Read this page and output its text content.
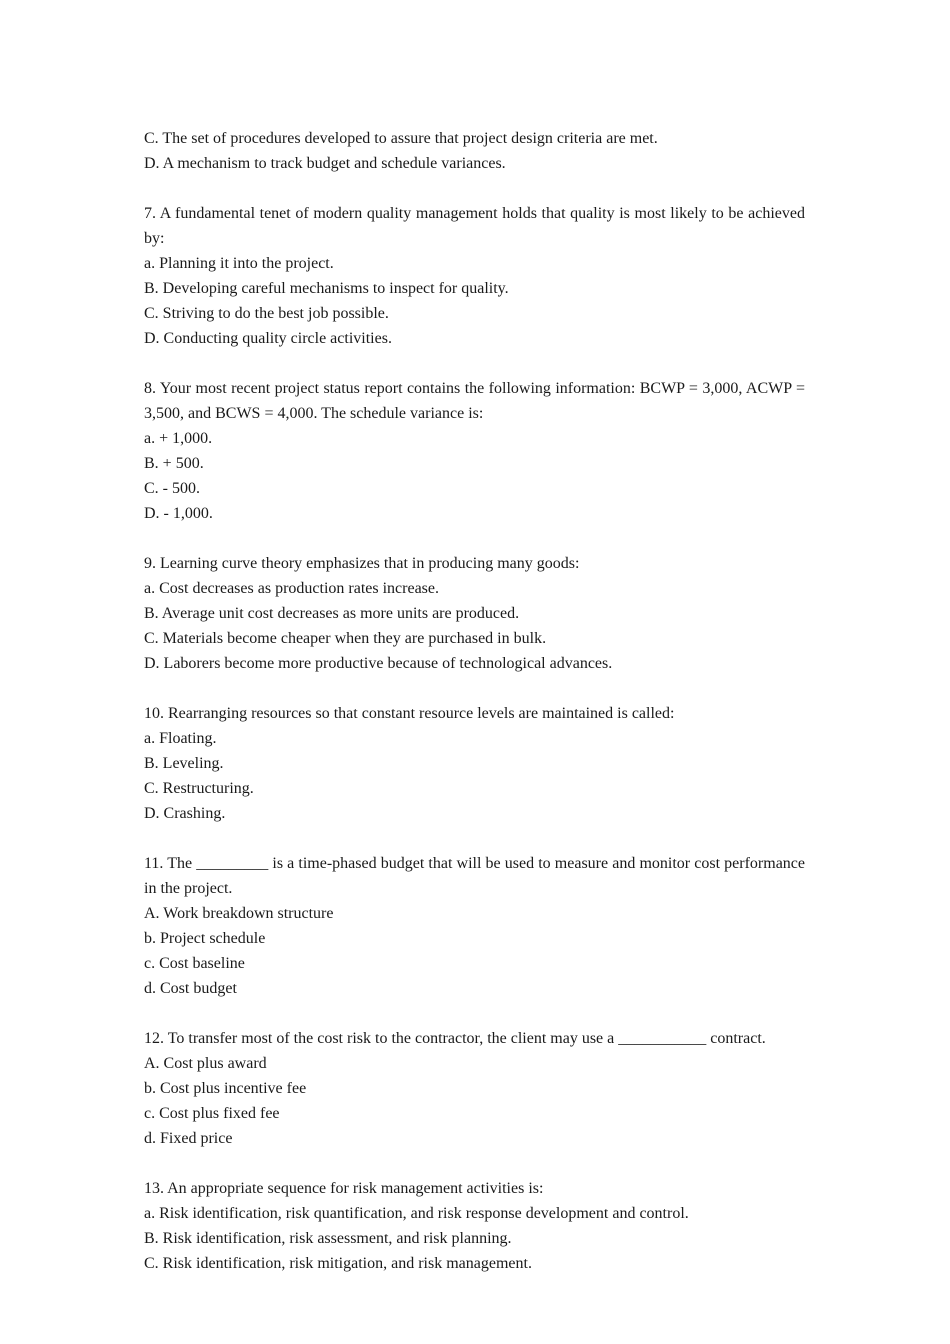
C. The set of procedures developed to assure that project design criteria are met.
D. A mechanism to track budget and schedule variances.
7. A fundamental tenet of modern quality management holds that quality is most likely to be achieved by:
a. Planning it into the project.
B. Developing careful mechanisms to inspect for quality.
C. Striving to do the best job possible.
D. Conducting quality circle activities.
8. Your most recent project status report contains the following information: BCWP = 3,000, ACWP = 3,500, and BCWS = 4,000. The schedule variance is:
a. + 1,000.
B. + 500.
C. - 500.
D. - 1,000.
9. Learning curve theory emphasizes that in producing many goods:
a. Cost decreases as production rates increase.
B. Average unit cost decreases as more units are produced.
C. Materials become cheaper when they are purchased in bulk.
D. Laborers become more productive because of technological advances.
10. Rearranging resources so that constant resource levels are maintained is called:
a. Floating.
B. Leveling.
C. Restructuring.
D. Crashing.
11. The _________ is a time-phased budget that will be used to measure and monitor cost performance in the project.
A. Work breakdown structure
b. Project schedule
c. Cost baseline
d. Cost budget
12. To transfer most of the cost risk to the contractor, the client may use a ___________ contract.
A. Cost plus award
b. Cost plus incentive fee
c. Cost plus fixed fee
d. Fixed price
13. An appropriate sequence for risk management activities is:
a. Risk identification, risk quantification, and risk response development and control.
B. Risk identification, risk assessment, and risk planning.
C. Risk identification, risk mitigation, and risk management.
